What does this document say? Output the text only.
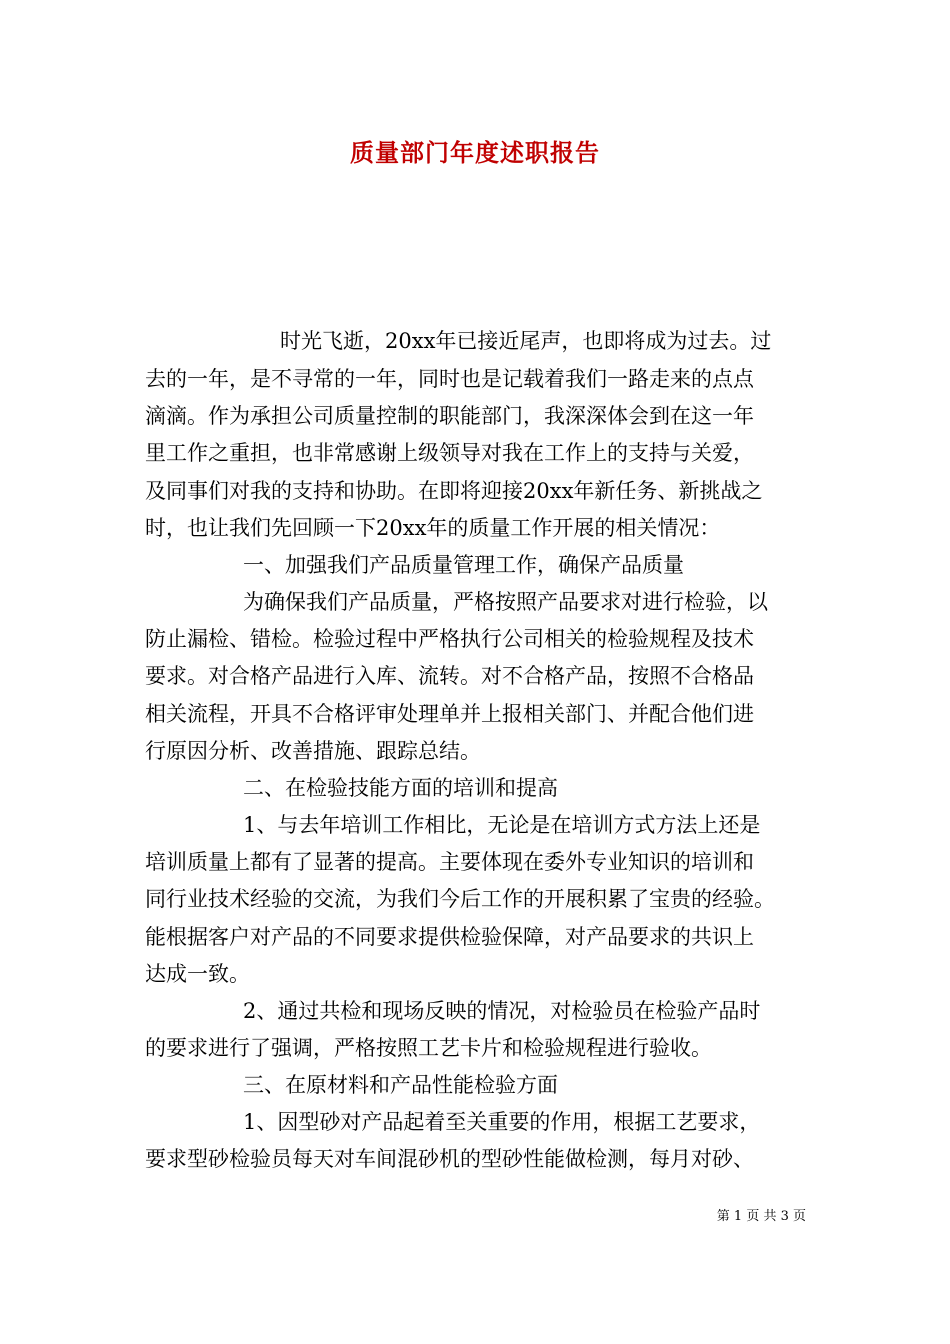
质量部门年度述职报告
时光飞逝，20xx年已接近尾声，也即将成为过去。过
去的一年，是不寻常的一年，同时也是记载着我们一路走来的点点
滴滴。作为承担公司质量控制的职能部门，我深深体会到在这一年
里工作之重担，也非常感谢上级领导对我在工作上的支持与关爱，
及同事们对我的支持和协助。在即将迎接20xx年新任务、新挑战之
时，也让我们先回顾一下20xx年的质量工作开展的相关情况：
一、加强我们产品质量管理工作，确保产品质量
为确保我们产品质量，严格按照产品要求对进行检验，以
防止漏检、错检。检验过程中严格执行公司相关的检验规程及技术
要求。对合格产品进行入库、流转。对不合格产品，按照不合格品
相关流程，开具不合格评审处理单并上报相关部门、并配合他们进
行原因分析、改善措施、跟踪总结。
二、在检验技能方面的培训和提高
1、与去年培训工作相比，无论是在培训方式方法上还是
培训质量上都有了显著的提高。主要体现在委外专业知识的培训和
同行业技术经验的交流，为我们今后工作的开展积累了宝贵的经验。
能根据客户对产品的不同要求提供检验保障，对产品要求的共识上
达成一致。
2、通过共检和现场反映的情况，对检验员在检验产品时
的要求进行了强调，严格按照工艺卡片和检验规程进行验收。
三、在原材料和产品性能检验方面
1、因型砂对产品起着至关重要的作用，根据工艺要求，
要求型砂检验员每天对车间混砂机的型砂性能做检测，每月对砂、
第 1 页 共 3 页
